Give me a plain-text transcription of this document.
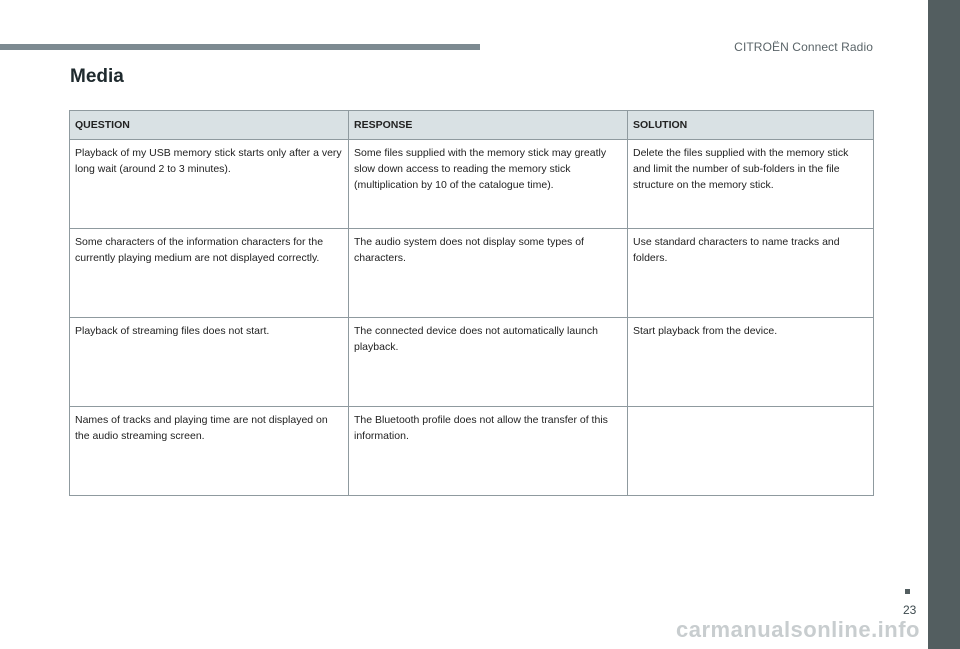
CITROËN Connect Radio
Media
QUESTION	RESPONSE	SOLUTION
Playback of my USB memory stick starts only after a very long wait (around 2 to 3 minutes).	Some files supplied with the memory stick may greatly slow down access to reading the memory stick (multiplication by 10 of the catalogue time).	Delete the files supplied with the memory stick and limit the number of sub-folders in the file structure on the memory stick.
Some characters of the information characters for the currently playing medium are not displayed correctly.	The audio system does not display some types of characters.	Use standard characters to name tracks and folders.
Playback of streaming files does not start.	The connected device does not automatically launch playback.	Start playback from the device.
Names of tracks and playing time are not displayed on the audio streaming screen.	The Bluetooth profile does not allow the transfer of this information.	
23
carmanualsonline.info
